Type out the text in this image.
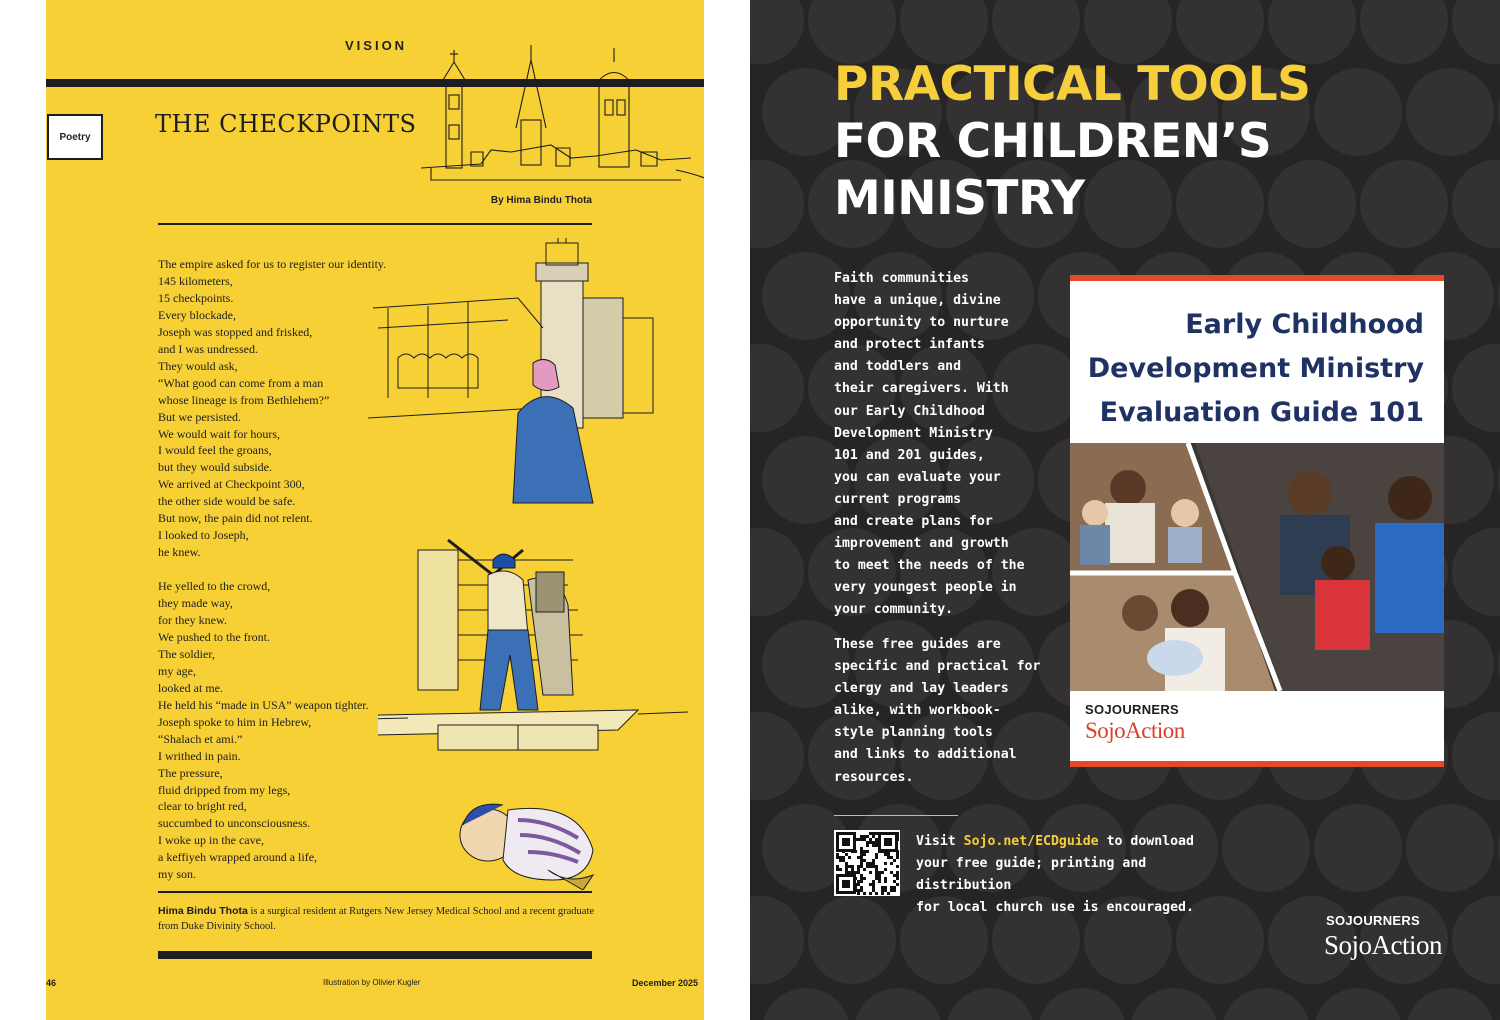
VISION
Poetry	THE CHECKPOINTS
By Hima Bindu Thota
The empire asked for us to register our identity.
145 kilometers,
15 checkpoints.
Every blockade,
Joseph was stopped and frisked,
and I was undressed.
They would ask,
“What good can come from a man
whose lineage is from Bethlehem?”
But we persisted.
We would wait for hours,
I would feel the groans,
but they would subside.
We arrived at Checkpoint 300,
the other side would be safe.
But now, the pain did not relent.
I looked to Joseph,
he knew.
He yelled to the crowd,
they made way,
for they knew.
We pushed to the front.
The soldier,
my age,
looked at me.
He held his “made in USA” weapon tighter.
Joseph spoke to him in Hebrew,
“Shalach et ami.”
I writhed in pain.
The pressure,
fluid dripped from my legs,
clear to bright red,
succumbed to unconsciousness.
I woke up in the cave,
a keffiyeh wrapped around a life,
my son.
Hima Bindu Thota is a surgical resident at Rutgers New Jersey Medical School and a recent graduate from Duke Divinity School.
46	Illustration by Olivier Kugler	December 2025
PRACTICAL TOOLS
FOR CHILDREN’S
MINISTRY
Faith communities
have a unique, divine
opportunity to nurture
and protect infants
and toddlers and
their caregivers. With
our Early Childhood
Development Ministry
101 and 201 guides,
you can evaluate your
current programs
and create plans for
improvement and growth
to meet the needs of the
very youngest people in
your community.
These free guides are
specific and practical for
clergy and lay leaders
alike, with workbook-
style planning tools
and links to additional
resources.
Early Childhood
Development Ministry
Evaluation Guide 101
SOJOURNERS
SojoAction
Visit Sojo.net/ECDguide to download
your free guide; printing and distribution
for local church use is encouraged.
SOJOURNERS
SojoAction
